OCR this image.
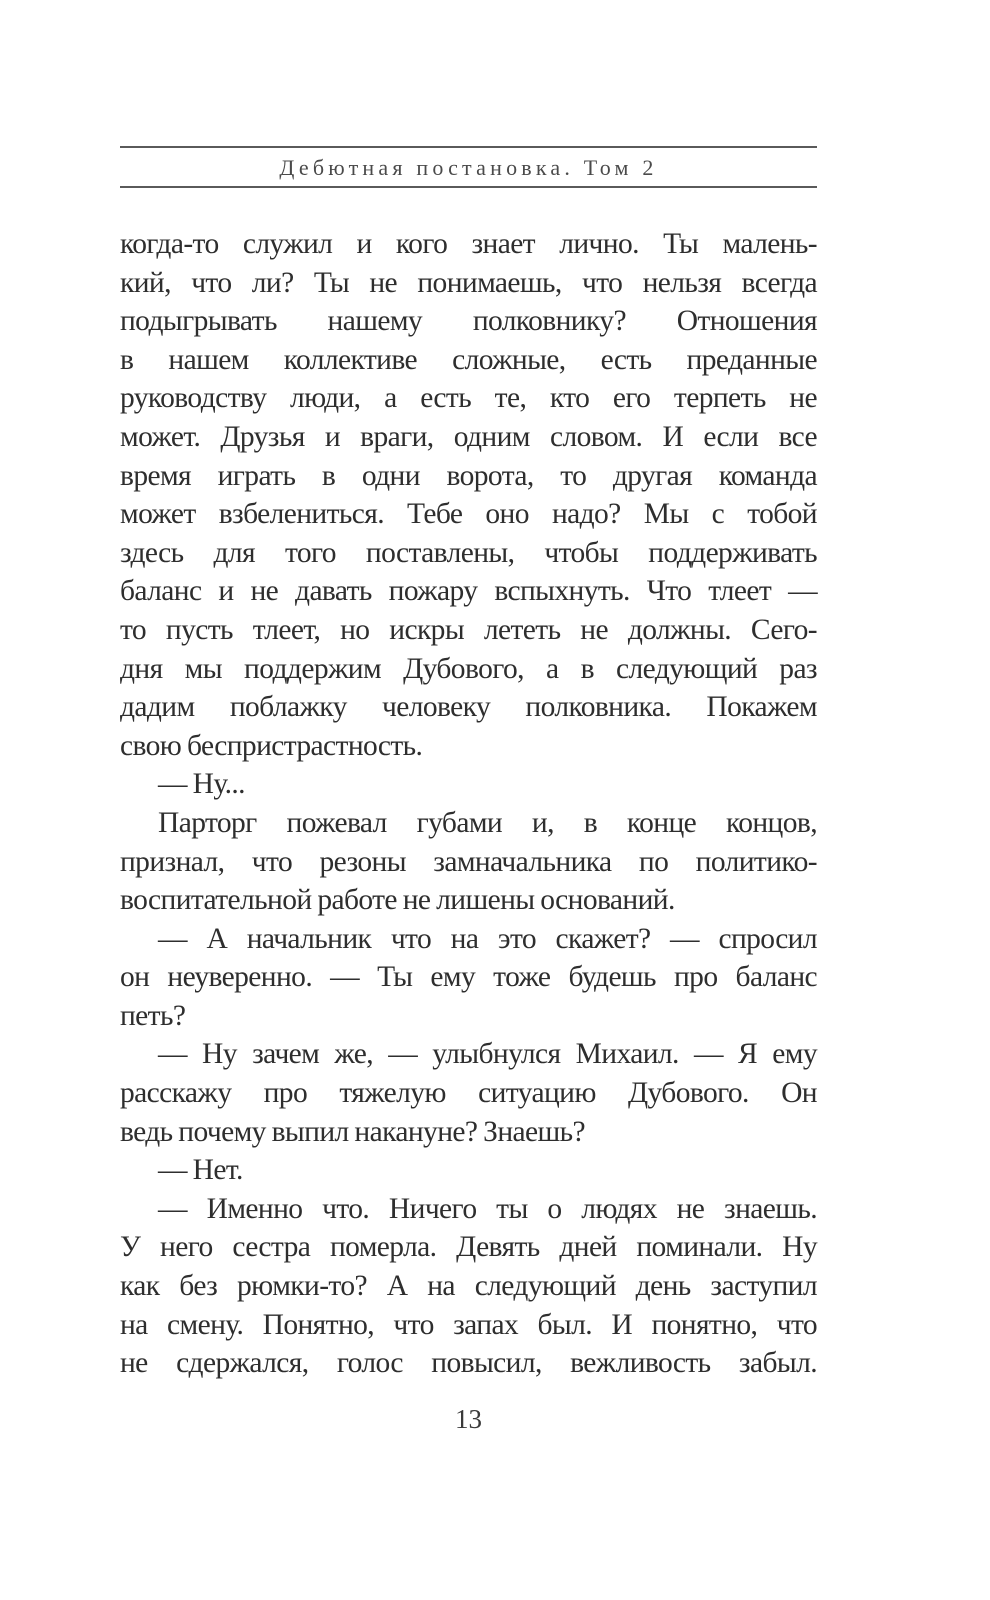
Дебютная постановка. Том 2
когда-то служил и кого знает лично. Ты малень-
кий, что ли? Ты не понимаешь, что нельзя всегда
подыгрывать нашему полковнику? Отношения
в нашем коллективе сложные, есть преданные
руководству люди, а есть те, кто его терпеть не
может. Друзья и враги, одним словом. И если все
время играть в одни ворота, то другая команда
может взбелениться. Тебе оно надо? Мы с тобой
здесь для того поставлены, чтобы поддерживать
баланс и не давать пожару вспыхнуть. Что тлеет —
то пусть тлеет, но искры лететь не должны. Сего-
дня мы поддержим Дубового, а в следующий раз
дадим поблажку человеку полковника. Покажем
свою беспристрастность.
— Ну...
Парторг пожевал губами и, в конце концов,
признал, что резоны замначальника по политико-
воспитательной работе не лишены оснований.
— А начальник что на это скажет? — спросил
он неуверенно. — Ты ему тоже будешь про баланс
петь?
— Ну зачем же, — улыбнулся Михаил. — Я ему
расскажу про тяжелую ситуацию Дубового. Он
ведь почему выпил накануне? Знаешь?
— Нет.
— Именно что. Ничего ты о людях не знаешь.
У него сестра померла. Девять дней поминали. Ну
как без рюмки-то? А на следующий день заступил
на смену. Понятно, что запах был. И понятно, что
не сдержался, голос повысил, вежливость забыл.
13
